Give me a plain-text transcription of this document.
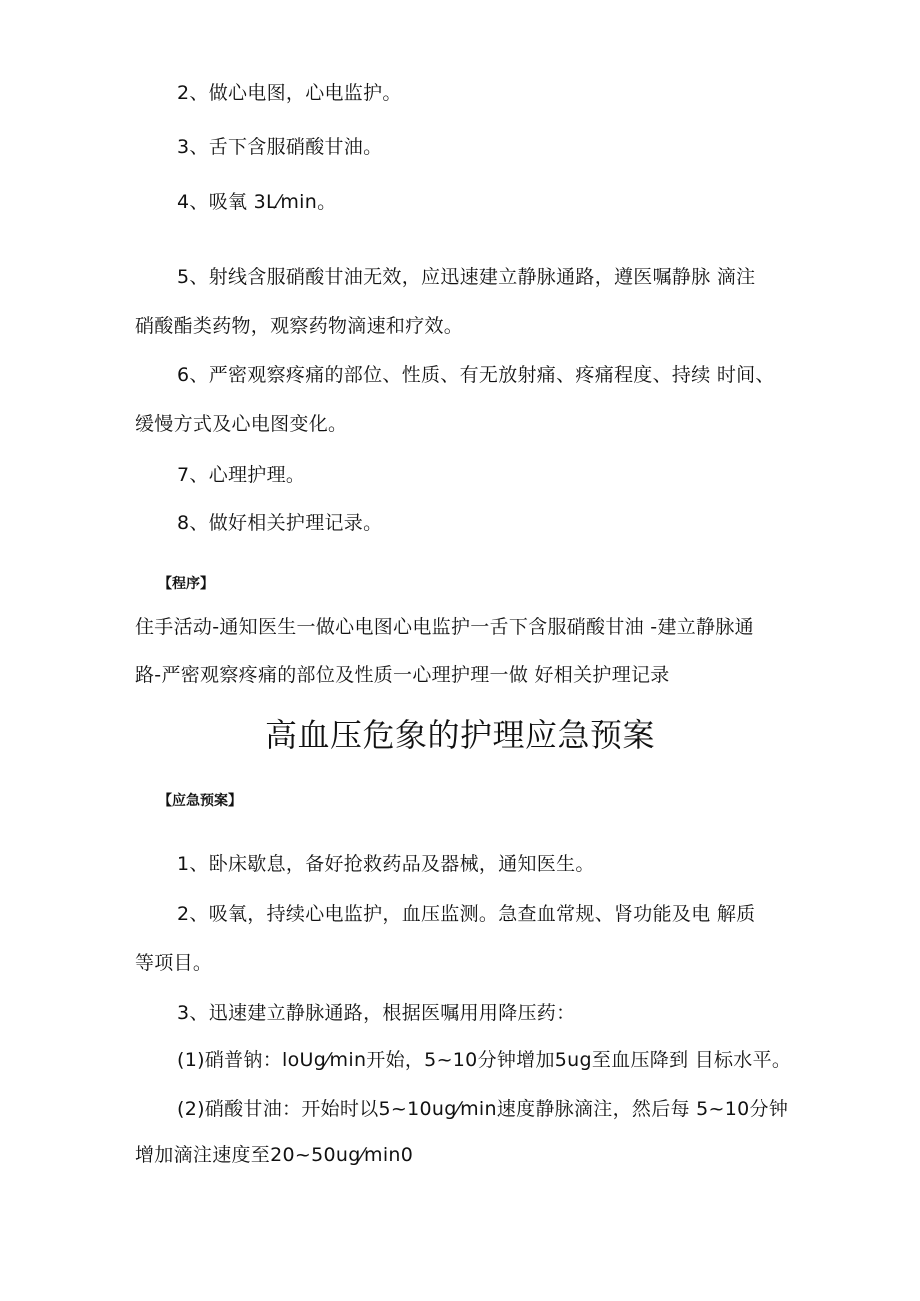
2、做心电图，心电监护。
3、舌下含服硝酸甘油。
4、吸氧 3L⁄min。
5、射线含服硝酸甘油无效，应迅速建立静脉通路，遵医嘱静脉 滴注
硝酸酯类药物，观察药物滴速和疗效。
6、严密观察疼痛的部位、性质、有无放射痛、疼痛程度、持续 时间、
缓慢方式及心电图变化。
7、心理护理。
8、做好相关护理记录。
【程序】
住手活动-通知医生一做心电图心电监护一舌下含服硝酸甘油 -建立静脉通
路-严密观察疼痛的部位及性质一心理护理一做 好相关护理记录
高血压危象的护理应急预案
【应急预案】
1、卧床歇息，备好抢救药品及器械，通知医生。
2、吸氧，持续心电监护，血压监测。急查血常规、肾功能及电 解质
等项目。
3、迅速建立静脉通路，根据医嘱用用降压药：
(1)硝普钠：loUg⁄min开始，5~10分钟增加5ug至血压降到 目标水平。
(2)硝酸甘油：开始时以5~10ug⁄min速度静脉滴注，然后每 5~10分钟
增加滴注速度至20~50ug⁄min0
